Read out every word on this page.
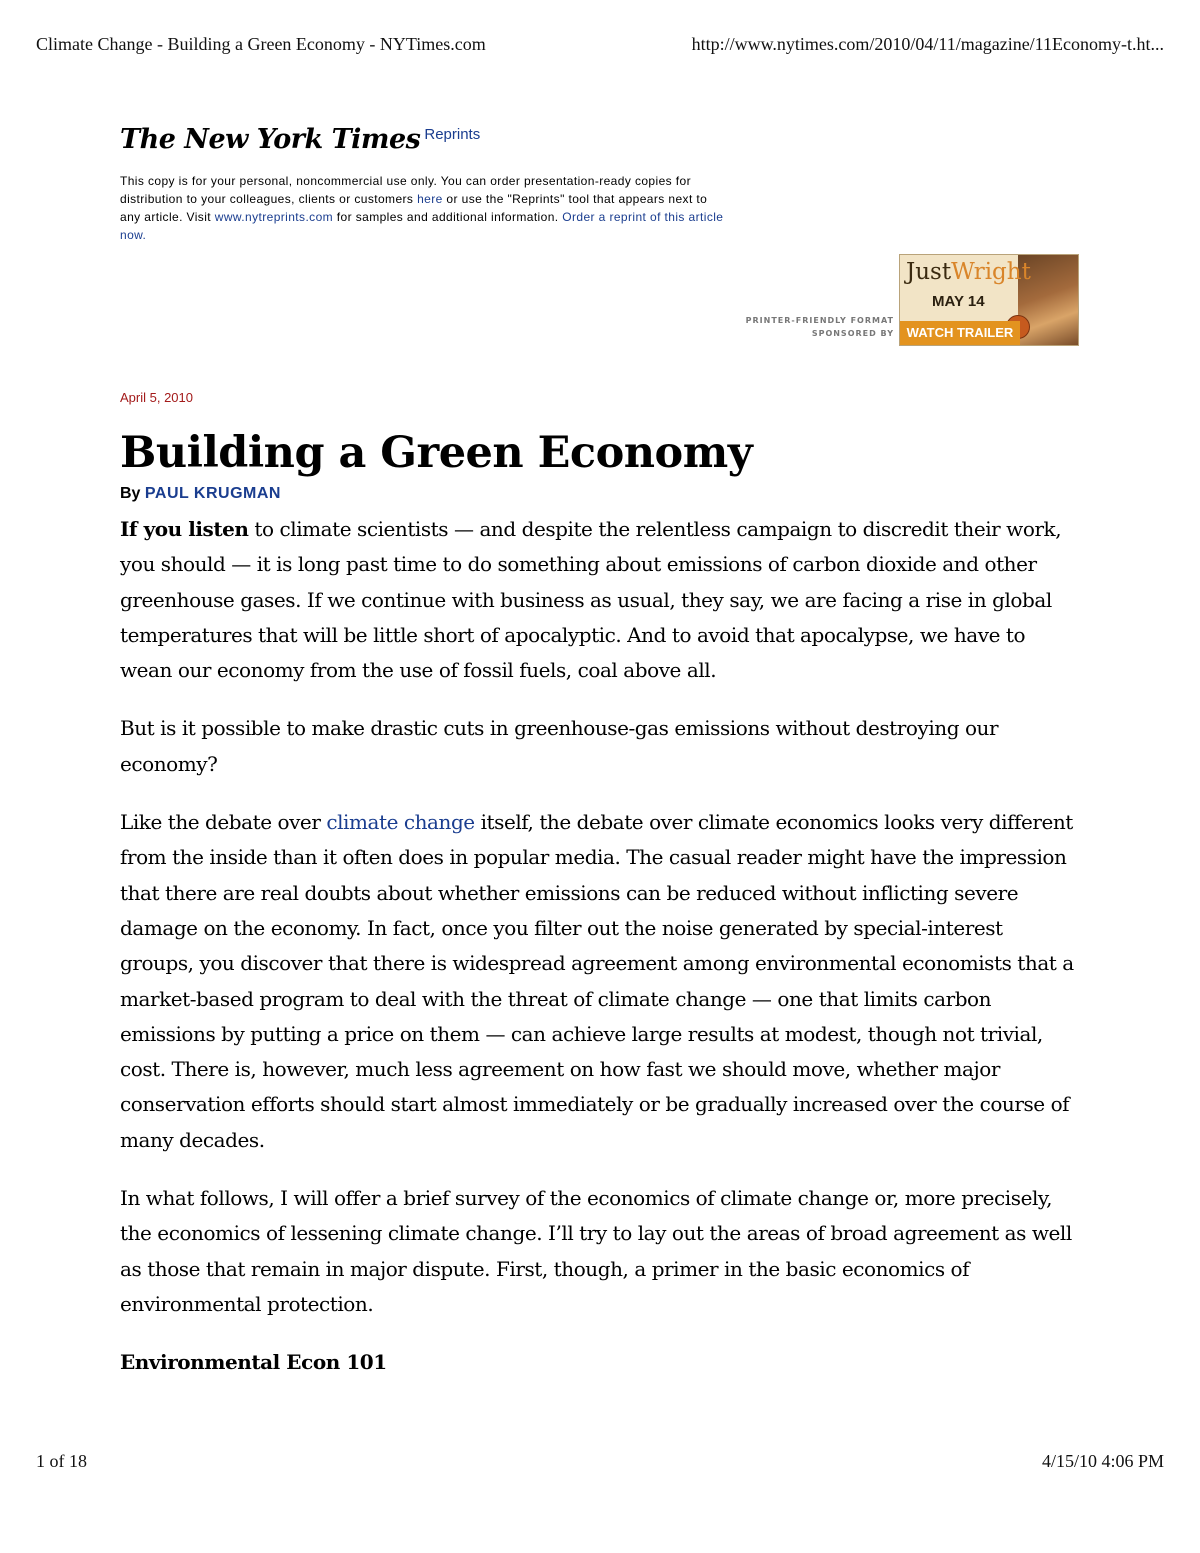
Climate Change - Building a Green Economy - NYTimes.com	http://www.nytimes.com/2010/04/11/magazine/11Economy-t.ht...
The New York Times Reprints
This copy is for your personal, noncommercial use only. You can order presentation-ready copies for distribution to your colleagues, clients or customers here or use the "Reprints" tool that appears next to any article. Visit www.nytreprints.com for samples and additional information. Order a reprint of this article now.
PRINTER-FRIENDLY FORMAT
SPONSORED BY
JustWright
MAY 14
WATCH TRAILER
April 5, 2010
Building a Green Economy
By PAUL KRUGMAN

If you listen to climate scientists — and despite the relentless campaign to discredit their work, you should — it is long past time to do something about emissions of carbon dioxide and other greenhouse gases. If we continue with business as usual, they say, we are facing a rise in global temperatures that will be little short of apocalyptic. And to avoid that apocalypse, we have to wean our economy from the use of fossil fuels, coal above all.

But is it possible to make drastic cuts in greenhouse-gas emissions without destroying our economy?

Like the debate over climate change itself, the debate over climate economics looks very different from the inside than it often does in popular media. The casual reader might have the impression that there are real doubts about whether emissions can be reduced without inflicting severe damage on the economy. In fact, once you filter out the noise generated by special-interest groups, you discover that there is widespread agreement among environmental economists that a market-based program to deal with the threat of climate change — one that limits carbon emissions by putting a price on them — can achieve large results at modest, though not trivial, cost. There is, however, much less agreement on how fast we should move, whether major conservation efforts should start almost immediately or be gradually increased over the course of many decades.

In what follows, I will offer a brief survey of the economics of climate change or, more precisely, the economics of lessening climate change. I’ll try to lay out the areas of broad agreement as well as those that remain in major dispute. First, though, a primer in the basic economics of environmental protection.

Environmental Econ 101

1 of 18	4/15/10 4:06 PM
